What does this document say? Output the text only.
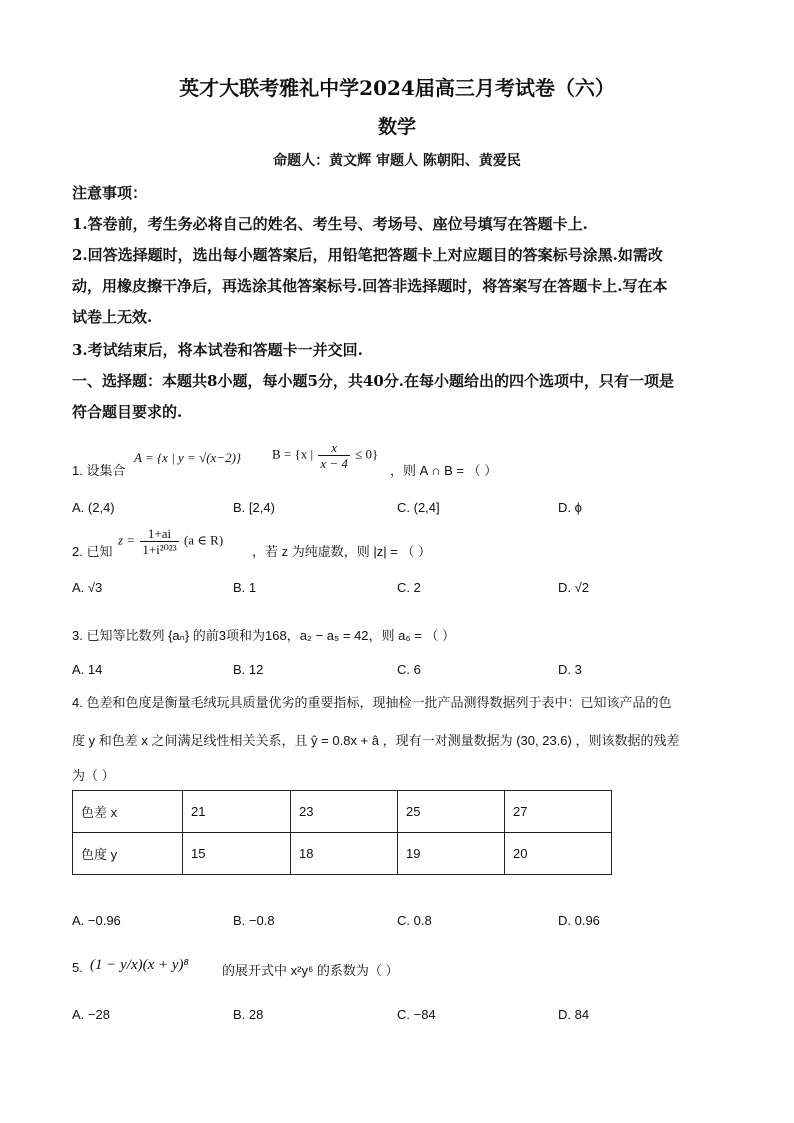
英才大联考雅礼中学2024届高三月考试卷（六）
数学
命题人：黄文辉 审题人 陈朝阳、黄爱民
注意事项：
1.答卷前，考生务必将自己的姓名、考生号、考场号、座位号填写在答题卡上.
2.回答选择题时，选出每小题答案后，用铅笔把答题卡上对应题目的答案标号涂黑.如需改
动，用橡皮擦干净后，再选涂其他答案标号.回答非选择题时，将答案写在答题卡上.写在本
试卷上无效.
3.考试结束后，将本试卷和答题卡一并交回.
一、选择题：本题共8小题，每小题5分，共40分.在每小题给出的四个选项中，只有一项是
符合题目要求的.
1. 设集合
A = {x | y = √(x−2)} B = {x | $\frac{x}{x - 4} \le 0$}
，则 A ∩ B = （ ）
A. (2,4)	B. [2,4)	C. (2,4]	D. ϕ
2. 已知
$z = \frac{1+ai}{\text{1+i²⁰²³}} (a$ ∈ R)
，若 z 为纯虚数，则 |z| = （ ）
A. √3	B. 1	C. 2	D. √2
3. 已知等比数列 {aₙ} 的前3项和为168，a₂ − a₅ = 42，则 a₆ = （ ）
A. 14	B. 12	C. 6	D. 3
4. 色差和色度是衡量毛绒玩具质量优劣的重要指标，现抽检一批产品测得数据列于表中：已知该产品的色
度 y 和色差 x 之间满足线性相关关系，且 ŷ = 0.8x + â ，现有一对测量数据为 (30, 23.6) ，则该数据的残差
为（ ）
色差 x	21	23	25	27
色度 y	15	18	19	20
A. −0.96	B. −0.8	C. 0.8	D. 0.96
5. (1 − y/x)(x + y)⁸	的展开式中 x²y⁶ 的系数为（ ）
A. −28	B. 28	C. −84	D. 84
